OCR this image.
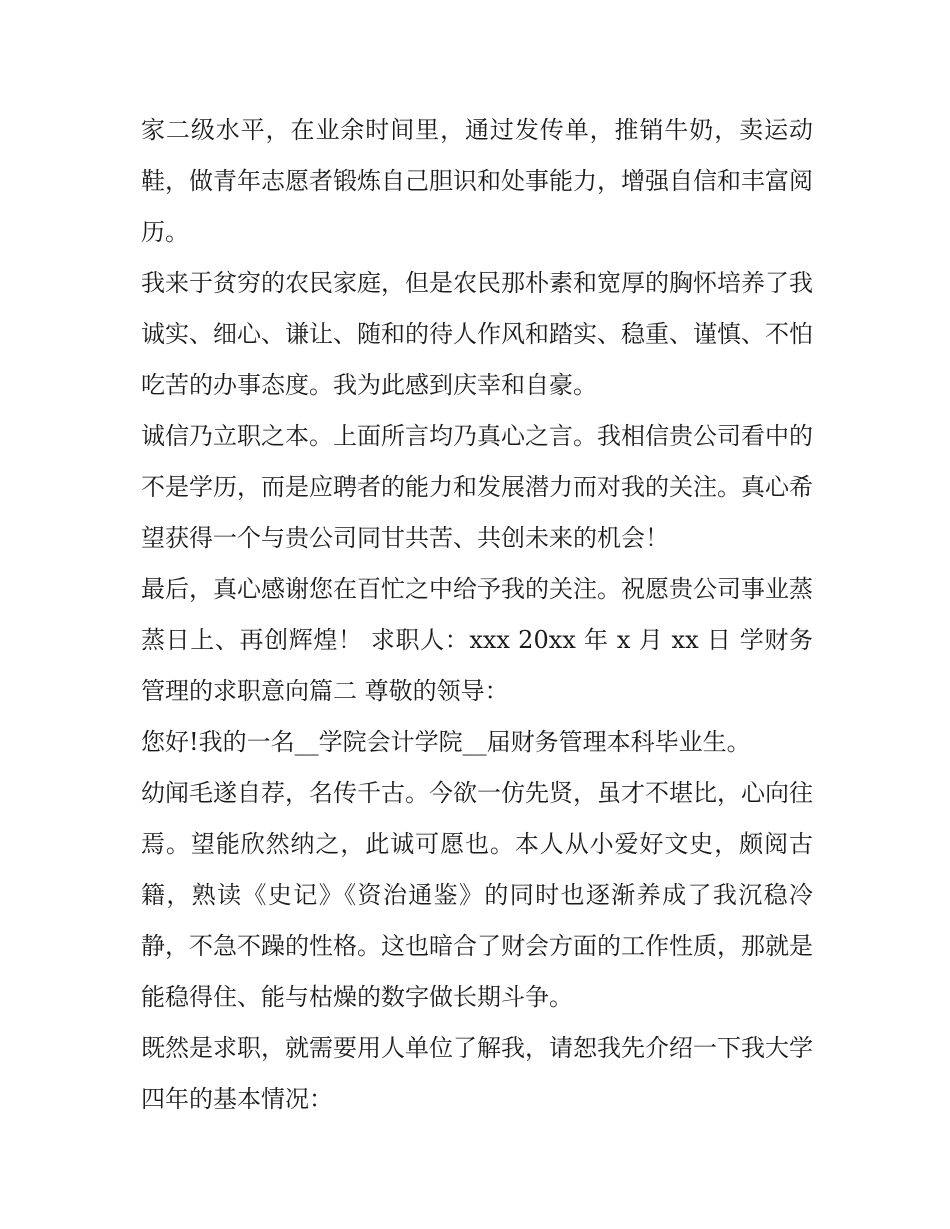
家二级水平，在业余时间里，通过发传单，推销牛奶，卖运动鞋，做青年志愿者锻炼自己胆识和处事能力，增强自信和丰富阅历。

我来于贫穷的农民家庭，但是农民那朴素和宽厚的胸怀培养了我诚实、细心、谦让、随和的待人作风和踏实、稳重、谨慎、不怕吃苦的办事态度。我为此感到庆幸和自豪。

诚信乃立职之本。上面所言均乃真心之言。我相信贵公司看中的不是学历，而是应聘者的能力和发展潜力而对我的关注。真心希望获得一个与贵公司同甘共苦、共创未来的机会！

最后，真心感谢您在百忙之中给予我的关注。祝愿贵公司事业蒸蒸日上、再创辉煌！ 求职人：xxx 20xx 年 x 月 xx 日 学财务管理的求职意向篇二 尊敬的领导：

您好!我的一名__学院会计学院__届财务管理本科毕业生。

幼闻毛遂自荐，名传千古。今欲一仿先贤，虽才不堪比，心向往焉。望能欣然纳之，此诚可愿也。本人从小爱好文史，颇阅古籍，熟读《史记》《资治通鉴》的同时也逐渐养成了我沉稳冷静，不急不躁的性格。这也暗合了财会方面的工作性质，那就是能稳得住、能与枯燥的数字做长期斗争。

既然是求职，就需要用人单位了解我，请恕我先介绍一下我大学四年的基本情况：
